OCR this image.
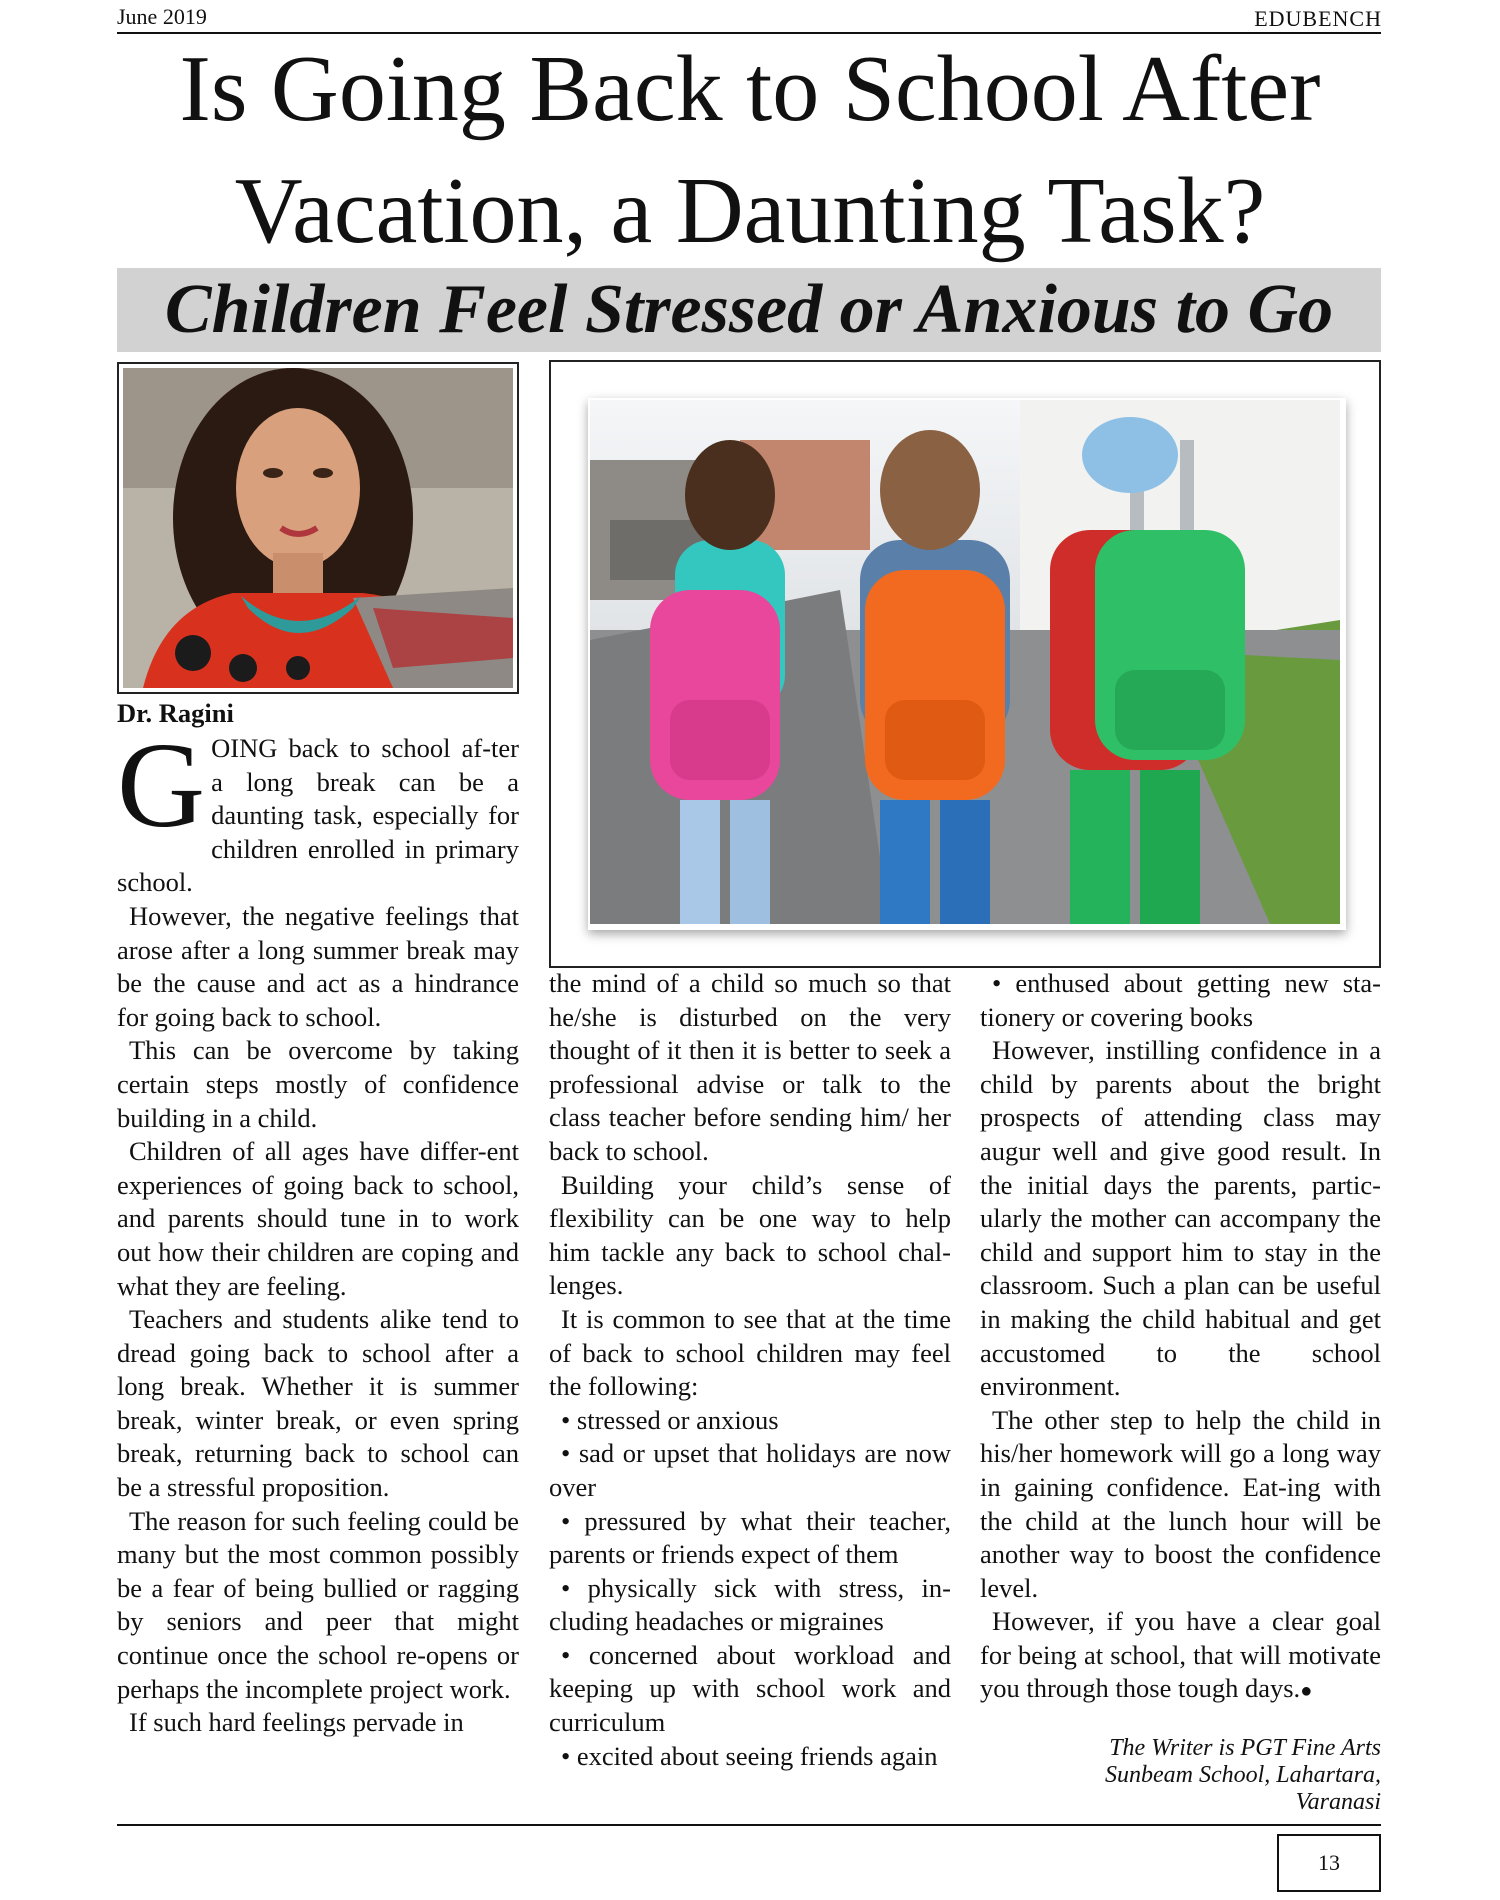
June 2019	EDUBENCH
Is Going Back to School After
Vacation, a Daunting Task?
Children Feel Stressed or Anxious to Go
Dr. Ragini

GOING back to school af-ter a long break can be a daunting task, especially for children enrolled in primary school.

However, the negative feelings that arose after a long summer break may be the cause and act as a hindrance for going back to school.

This can be overcome by taking certain steps mostly of confidence building in a child.

Children of all ages have differ-ent experiences of going back to school, and parents should tune in to work out how their children are coping and what they are feeling.

Teachers and students alike tend to dread going back to school after a long break. Whether it is summer break, winter break, or even spring break, returning back to school can be a stressful proposition.

The reason for such feeling could be many but the most common possibly be a fear of being bullied or ragging by seniors and peer that might continue once the school re-opens or perhaps the incomplete project work.

If such hard feelings pervade in

the mind of a child so much so that he/she is disturbed on the very thought of it then it is better to seek a professional advise or talk to the class teacher before sending him/ her back to school.

Building your child’s sense of flexibility can be one way to help him tackle any back to school chal-lenges.

It is common to see that at the time of back to school children may feel the following:

• stressed or anxious

• sad or upset that holidays are now over

• pressured by what their teacher, parents or friends expect of them

• physically sick with stress, in-cluding headaches or migraines

• concerned about workload and keeping up with school work and curriculum

• excited about seeing friends again

• enthused about getting new sta-tionery or covering books

However, instilling confidence in a child by parents about the bright prospects of attending class may augur well and give good result. In the initial days the parents, partic-ularly the mother can accompany the child and support him to stay in the classroom. Such a plan can be useful in making the child habitual and get accustomed to the school environment.

The other step to help the child in his/her homework will go a long way in gaining confidence. Eat-ing with the child at the lunch hour will be another way to boost the confidence level.

However, if you have a clear goal for being at school, that will motivate you through those tough days.●

The Writer is PGT Fine Arts
Sunbeam School, Lahartara,
Varanasi
13
